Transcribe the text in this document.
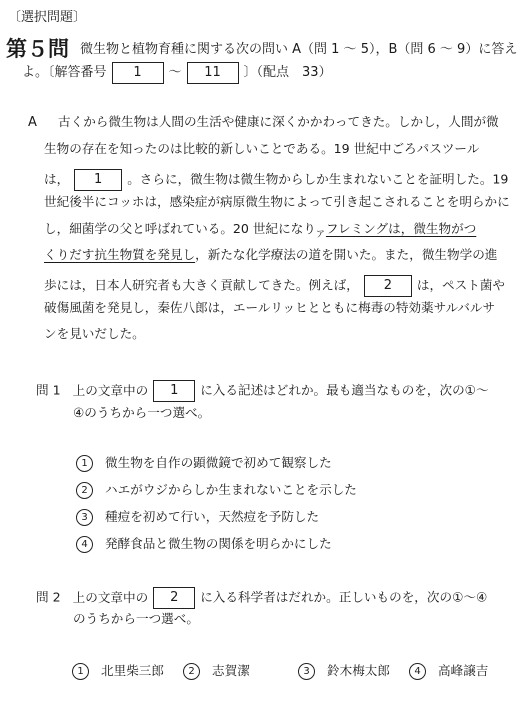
〔選択問題〕
第５問 微生物と植物育種に関する次の問い A（問 1 ～ 5），B（問 6 ～ 9）に答え
よ。〔解答番号 1 ～ 11 〕（配点　33）
A 古くから微生物は人間の生活や健康に深くかかわってきた。しかし，人間が微
生物の存在を知ったのは比較的新しいことである。19 世紀中ごろパスツール
は， 1 。さらに，微生物は微生物からしか生まれないことを証明した。19
世紀後半にコッホは，感染症が病原微生物によって引き起こされることを明らかに
し，細菌学の父と呼ばれている。20 世紀になり$_ア$フレミングは，微生物がつ
くりだす抗生物質を発見し，新たな化学療法の道を開いた。また，微生物学の進
歩には，日本人研究者も大きく貢献してきた。例えば， 2 は，ペスト菌や
破傷風菌を発見し，秦佐八郎は，エールリッヒとともに梅毒の特効薬サルバルサ
ンを見いだした。
問 1 上の文章中の 1 に入る記述はどれか。最も適当なものを，次の①～
④のうちから一つ選べ。
1 微生物を自作の顕微鏡で初めて観察した
2 ハエがウジからしか生まれないことを示した
3 種痘を初めて行い，天然痘を予防した
4 発酵食品と微生物の関係を明らかにした
問 2 上の文章中の 2 に入る科学者はだれか。正しいものを，次の①～④
のうちから一つ選べ。
1 北里柴三郎	2 志賀潔	3 鈴木梅太郎	4 高峰譲吉
